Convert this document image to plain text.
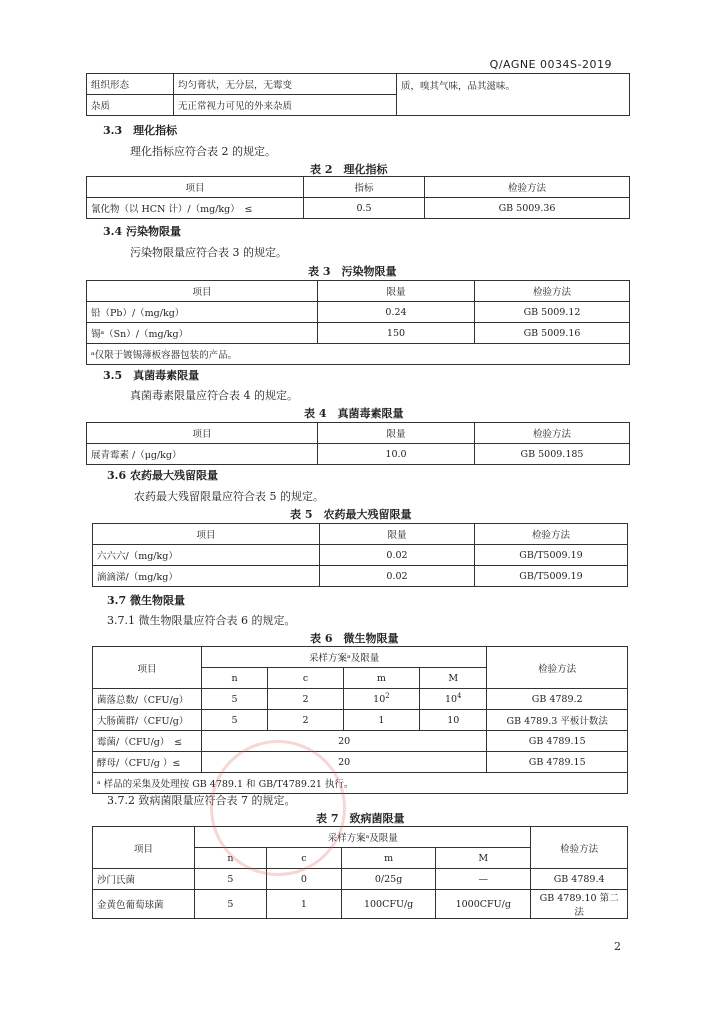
Q/AGNE 0034S-2019
组织形态	均匀膏状，无分层，无霉变	质，嗅其气味，品其滋味。
杂质	无正常视力可见的外来杂质	
3.3　理化指标
理化指标应符合表 2 的规定。
表 2　理化指标
项目	指标	检验方法
氰化物（以 HCN 计）/（mg/kg）　≤	0.5	GB 5009.36
3.4 污染物限量
污染物限量应符合表 3 的规定。
表 3　污染物限量
项目	限量	检验方法
铅（Pb）/（mg/kg）	0.24	GB 5009.12
锡ᵃ（Sn）/（mg/kg）	150	GB 5009.16
ᵃ仅限于镀锡薄板容器包装的产品。		
3.5　真菌毒素限量
真菌毒素限量应符合表 4 的规定。
表 4　真菌毒素限量
项目	限量	检验方法
展青霉素 /（μg/kg）	10.0	GB 5009.185
3.6 农药最大残留限量
农药最大残留限量应符合表 5 的规定。
表 5　农药最大残留限量
项目	限量	检验方法
六六六/（mg/kg）	0.02	GB/T5009.19
滴滴涕/（mg/kg）	0.02	GB/T5009.19
3.7 微生物限量
3.7.1 微生物限量应符合表 6 的规定。
表 6　微生物限量
项目	采样方案ᵃ及限量				检验方法
	n	c	m	M	
菌落总数/（CFU/g）	5	2	$10^2$	$10^4$	GB 4789.2
大肠菌群/（CFU/g）	5	2	1	10	GB 4789.3 平板计数法
霉菌/（CFU/g）　≤	20				GB 4789.15
酵母/（CFU/g ）≤	20				GB 4789.15
ᵃ 样品的采集及处理按 GB 4789.1 和 GB/T4789.21 执行。					
3.7.2 致病菌限量应符合表 7 的规定。
表 7　致病菌限量
项目	采样方案ᵃ及限量				检验方法
	n	c	m	M	
沙门氏菌	5	0	0/25g	—	GB 4789.4
金黄色葡萄球菌	5	1	100CFU/g	1000CFU/g	GB 4789.10 第二法
2
